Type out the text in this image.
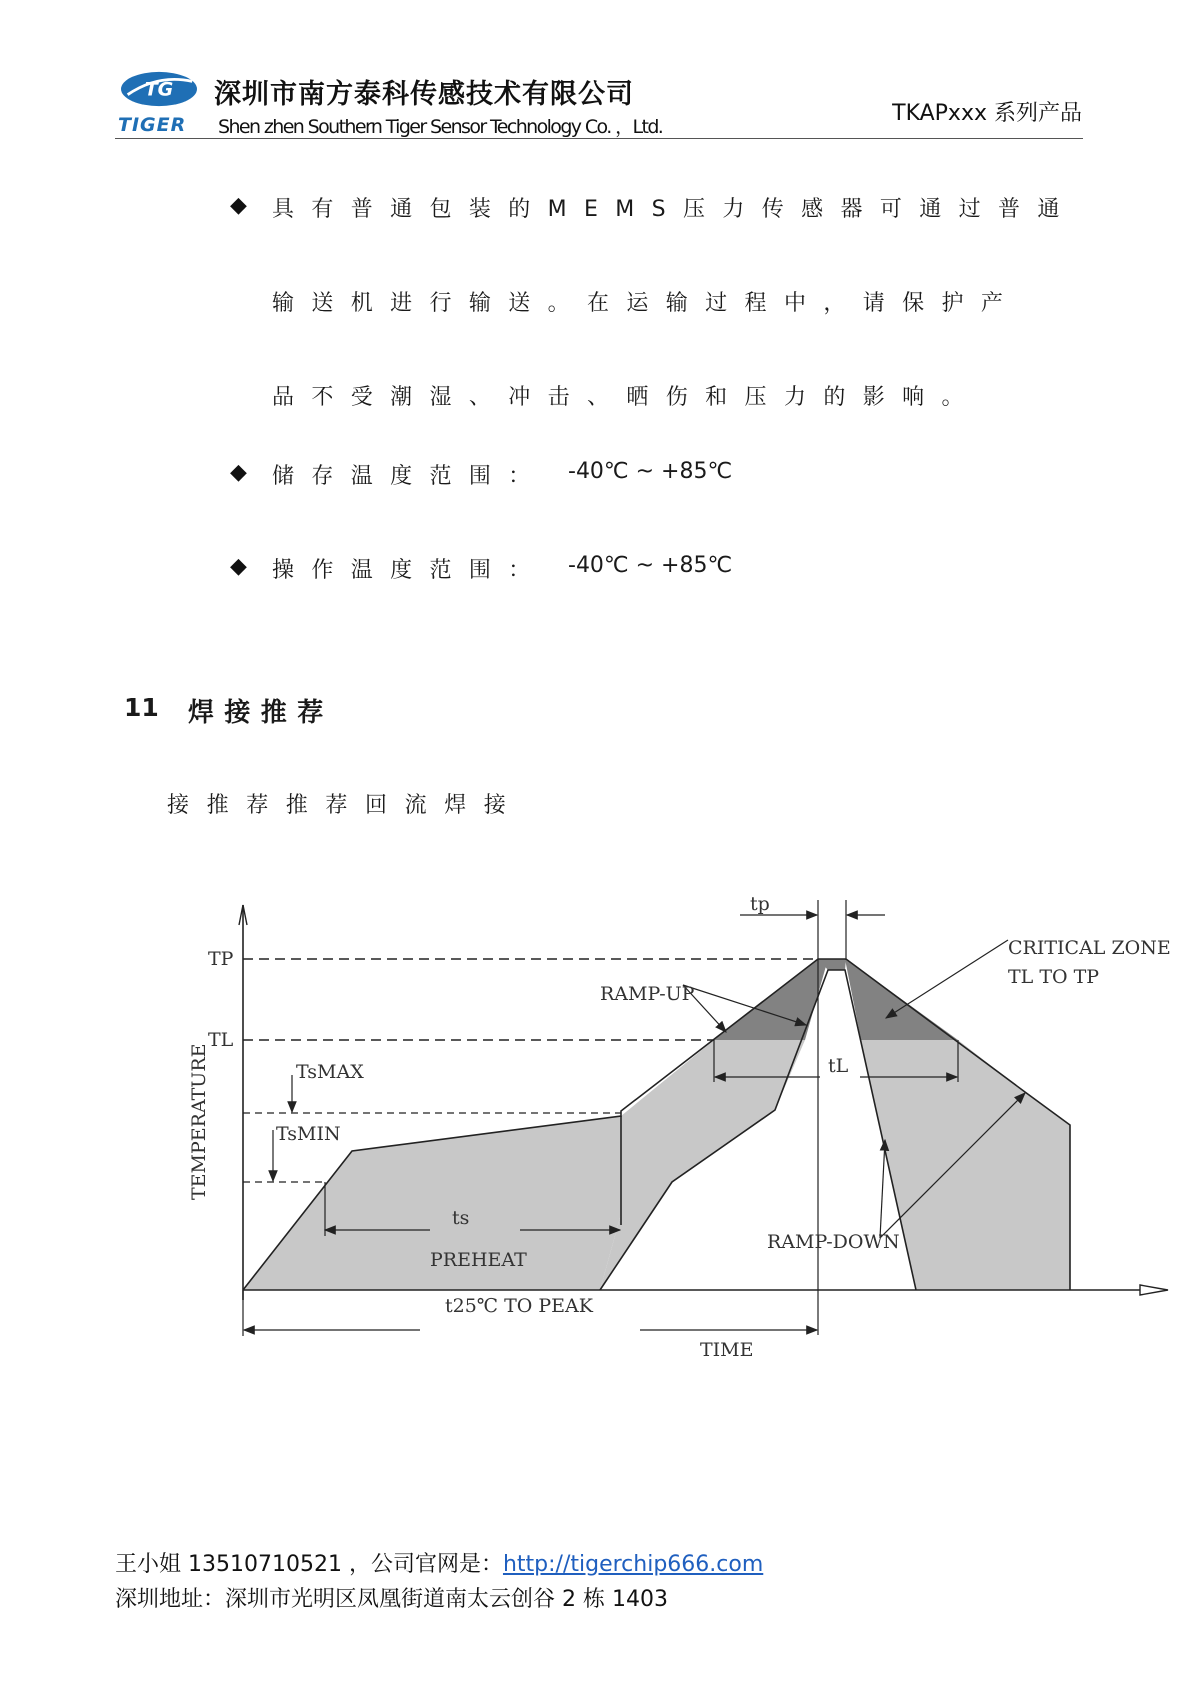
TG
TIGER
深圳市南方泰科传感技术有限公司
Shen zhen Southern Tiger Sensor Technology Co. ，Ltd.
TKAPxxx 系列产品
◆ 具有普通包装的MEMS压力传感器可通过普通
输送机进行输送。在运输过程中，请保护产
品不受潮湿、冲击、晒伤和压力的影响。
◆ 储存温度范围： -40℃ ~ +85℃
◆ 操作温度范围： -40℃ ~ +85℃
11 焊接推荐
接推荐推荐回流焊接
tp
TP
TL
TsMAX
TsMIN
ts
PREHEAT
RAMP-UP
RAMP-DOWN
tL
CRITICAL ZONE
TL TO TP
t25℃ TO PEAK
TIME
TEMPERATURE
王小姐 13510710521 ，公司官网是：http://tigerchip666.com
深圳地址：深圳市光明区凤凰街道南太云创谷 2 栋 1403
